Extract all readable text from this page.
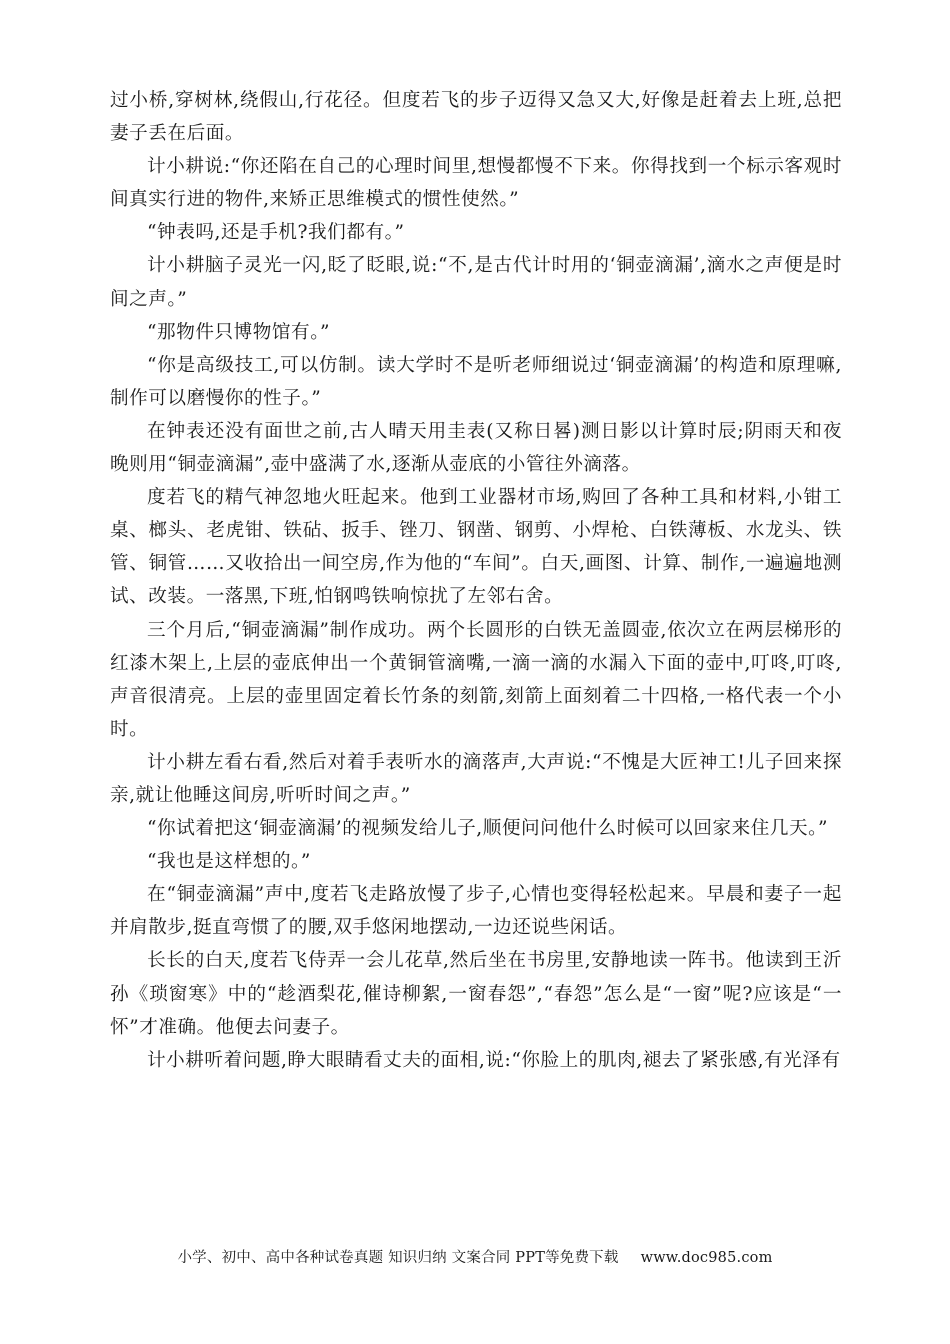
过小桥,穿树林,绕假山,行花径。但度若飞的步子迈得又急又大,好像是赶着去上班,总把妻子丢在后面。

计小耕说:“你还陷在自己的心理时间里,想慢都慢不下来。你得找到一个标示客观时间真实行进的物件,来矫正思维模式的惯性使然。”

“钟表吗,还是手机?我们都有。”

计小耕脑子灵光一闪,眨了眨眼,说:“不,是古代计时用的‘铜壶滴漏’,滴水之声便是时间之声。”

“那物件只博物馆有。”

“你是高级技工,可以仿制。读大学时不是听老师细说过‘铜壶滴漏’的构造和原理嘛,制作可以磨慢你的性子。”

在钟表还没有面世之前,古人晴天用圭表(又称日晷)测日影以计算时辰;阴雨天和夜晚则用“铜壶滴漏”,壶中盛满了水,逐渐从壶底的小管往外滴落。

度若飞的精气神忽地火旺起来。他到工业器材市场,购回了各种工具和材料,小钳工桌、榔头、老虎钳、铁砧、扳手、锉刀、钢凿、钢剪、小焊枪、白铁薄板、水龙头、铁管、铜管……又收拾出一间空房,作为他的“车间”。白天,画图、计算、制作,一遍遍地测试、改装。一落黑,下班,怕钢鸣铁响惊扰了左邻右舍。

三个月后,“铜壶滴漏”制作成功。两个长圆形的白铁无盖圆壶,依次立在两层梯形的红漆木架上,上层的壶底伸出一个黄铜管滴嘴,一滴一滴的水漏入下面的壶中,叮咚,叮咚,声音很清亮。上层的壶里固定着长竹条的刻箭,刻箭上面刻着二十四格,一格代表一个小时。

计小耕左看右看,然后对着手表听水的滴落声,大声说:“不愧是大匠神工!儿子回来探亲,就让他睡这间房,听听时间之声。”

“你试着把这‘铜壶滴漏’的视频发给儿子,顺便问问他什么时候可以回家来住几天。”

“我也是这样想的。”

在“铜壶滴漏”声中,度若飞走路放慢了步子,心情也变得轻松起来。早晨和妻子一起并肩散步,挺直弯惯了的腰,双手悠闲地摆动,一边还说些闲话。

长长的白天,度若飞侍弄一会儿花草,然后坐在书房里,安静地读一阵书。他读到王沂孙《琐窗寒》中的“趁酒梨花,催诗柳絮,一窗春怨”,“春怨”怎么是“一窗”呢?应该是“一怀”才准确。他便去问妻子。

计小耕听着问题,睁大眼睛看丈夫的面相,说:“你脸上的肌肉,褪去了紧张感,有光泽有

小学、初中、高中各种试卷真题 知识归纳 文案合同 PPT等免费下载 www.doc985.com
